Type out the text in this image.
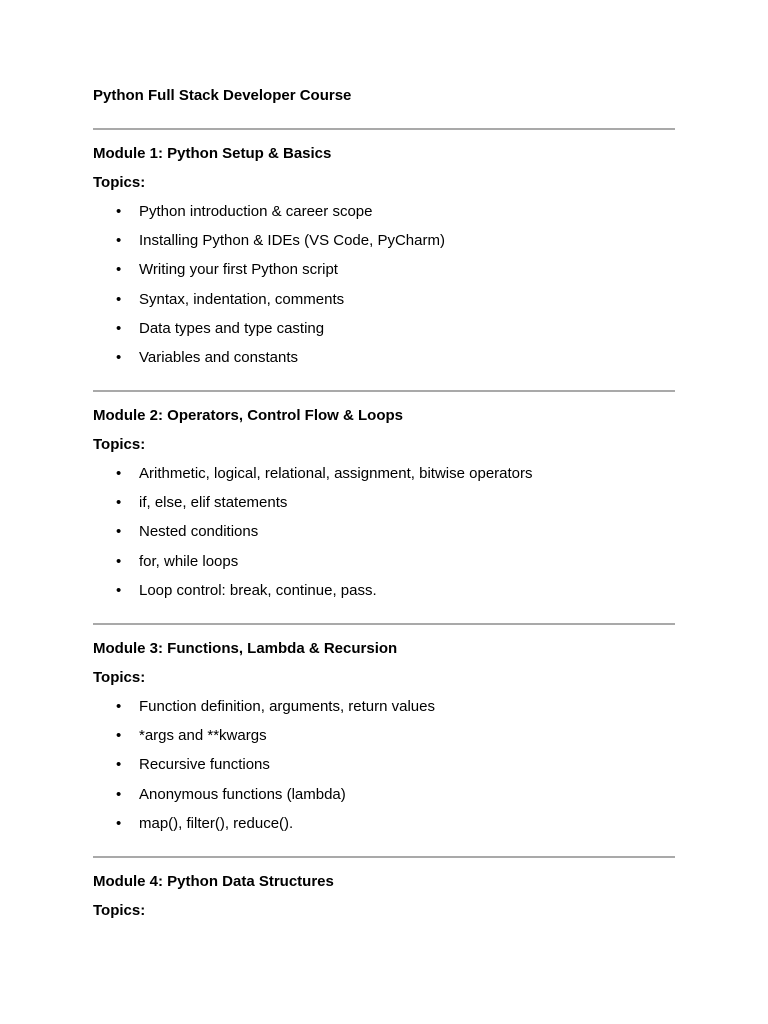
Python Full Stack Developer Course
Module 1: Python Setup & Basics
Topics:
• Python introduction & career scope
• Installing Python & IDEs (VS Code, PyCharm)
• Writing your first Python script
• Syntax, indentation, comments
• Data types and type casting
• Variables and constants
Module 2: Operators, Control Flow & Loops
Topics:
• Arithmetic, logical, relational, assignment, bitwise operators
• if, else, elif statements
• Nested conditions
• for, while loops
• Loop control: break, continue, pass.
Module 3: Functions, Lambda & Recursion
Topics:
• Function definition, arguments, return values
• *args and **kwargs
• Recursive functions
• Anonymous functions (lambda)
• map(), filter(), reduce().
Module 4: Python Data Structures
Topics:
